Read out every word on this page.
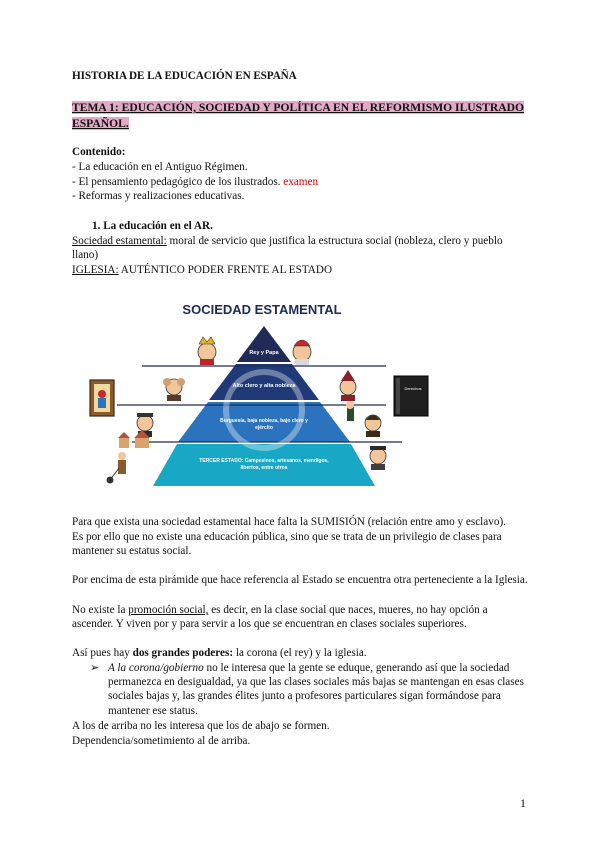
HISTORIA DE LA EDUCACIÓN EN ESPAÑA
TEMA 1: EDUCACIÓN, SOCIEDAD Y POLÍTICA EN EL REFORMISMO ILUSTRADO ESPAÑOL.
Contenido:
- La educación en el Antiguo Régimen.
- El pensamiento pedagógico de los ilustrados. examen
- Reformas y realizaciones educativas.
1. La educación en el AR.
Sociedad estamental: moral de servicio que justifica la estructura social (nobleza, clero y pueblo llano)
IGLESIA: AUTÉNTICO PODER FRENTE AL ESTADO
SOCIEDAD ESTAMENTAL
Rey y Papa
Alto clero y alta nobleza
Burguesía, baja nobleza, bajo clero y
ejército
TERCER ESTADO: Campesinos, artesanos, mendigos,
libertos, entre otros
Derechos
Para que exista una sociedad estamental hace falta la SUMISIÓN (relación entre amo y esclavo).
Es por ello que no existe una educación pública, sino que se trata de un privilegio de clases para mantener su estatus social.
Por encima de esta pirámide que hace referencia al Estado se encuentra otra perteneciente a la Iglesia.
No existe la promoción social, es decir, en la clase social que naces, mueres, no hay opción a ascender. Y viven por y para servir a los que se encuentran en clases sociales superiores.
Así pues hay dos grandes poderes: la corona (el rey) y la iglesia.
➢ A la corona/gobierno no le interesa que la gente se eduque, generando así que la sociedad permanezca en desigualdad, ya que las clases sociales más bajas se mantengan en esas clases sociales bajas y, las grandes élites junto a profesores particulares sigan formándose para mantener ese status.
A los de arriba no les interesa que los de abajo se formen.
Dependencia/sometimiento al de arriba.
1
